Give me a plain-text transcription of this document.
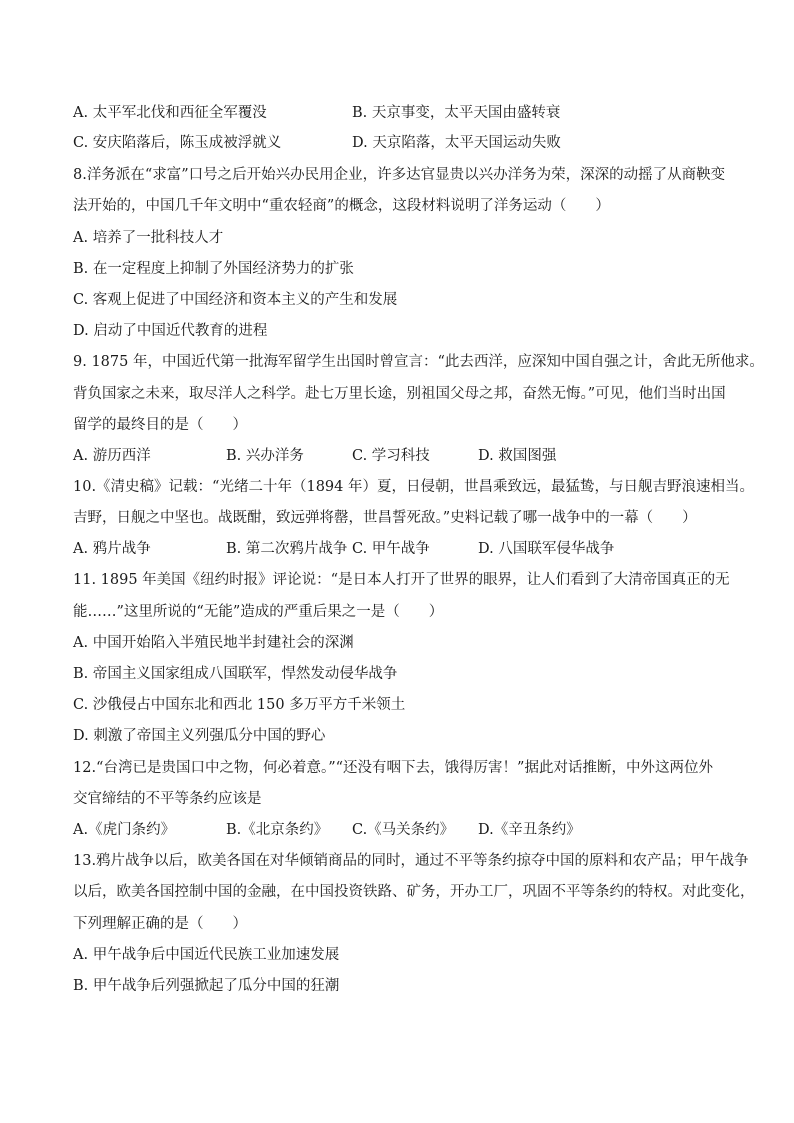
A. 太平军北伐和西征全军覆没	B. 天京事变，太平天国由盛转衰
C. 安庆陷落后，陈玉成被浮就义	D. 天京陷落，太平天国运动失败
8.洋务派在“求富”口号之后开始兴办民用企业，许多达官显贵以兴办洋务为荣，深深的动摇了从商鞅变
法开始的，中国几千年文明中“重农轻商”的概念，这段材料说明了洋务运动（　　）
A. 培养了一批科技人才
B. 在一定程度上抑制了外国经济势力的扩张
C. 客观上促进了中国经济和资本主义的产生和发展
D. 启动了中国近代教育的进程
9. 1875 年，中国近代第一批海军留学生出国时曾宣言：“此去西洋，应深知中国自强之计，舍此无所他求。
背负国家之未来，取尽洋人之科学。赴七万里长途，别祖国父母之邦，奋然无悔。”可见，他们当时出国
留学的最终目的是（　　）
A. 游历西洋	B. 兴办洋务	C. 学习科技	D. 救国图强
10.《清史稿》记载：“光绪二十年（1894 年）夏，日侵朝，世昌乘致远，最猛鸷，与日舰吉野浪速相当。
吉野，日舰之中坚也。战既酣，致远弹将罄，世昌誓死敌。”史料记载了哪一战争中的一幕（　　）
A. 鸦片战争	B. 第二次鸦片战争 C. 甲午战争	D. 八国联军侵华战争
11. 1895 年美国《纽约时报》评论说：“是日本人打开了世界的眼界，让人们看到了大清帝国真正的无
能……”这里所说的“无能”造成的严重后果之一是（　　）
A. 中国开始陷入半殖民地半封建社会的深渊
B. 帝国主义国家组成八国联军，悍然发动侵华战争
C. 沙俄侵占中国东北和西北 150 多万平方千米领土
D. 刺激了帝国主义列强瓜分中国的野心
12.“台湾已是贵国口中之物，何必着意。”“还没有咽下去，饿得厉害！”据此对话推断，中外这两位外
交官缔结的不平等条约应该是
A.《虎门条约》	B.《北京条约》 C.《马关条约》 D.《辛丑条约》
13.鸦片战争以后，欧美各国在对华倾销商品的同时，通过不平等条约掠夺中国的原料和农产品；甲午战争
以后，欧美各国控制中国的金融，在中国投资铁路、矿务，开办工厂，巩固不平等条约的特权。对此变化，
下列理解正确的是（　　）
A. 甲午战争后中国近代民族工业加速发展
B. 甲午战争后列强掀起了瓜分中国的狂潮
